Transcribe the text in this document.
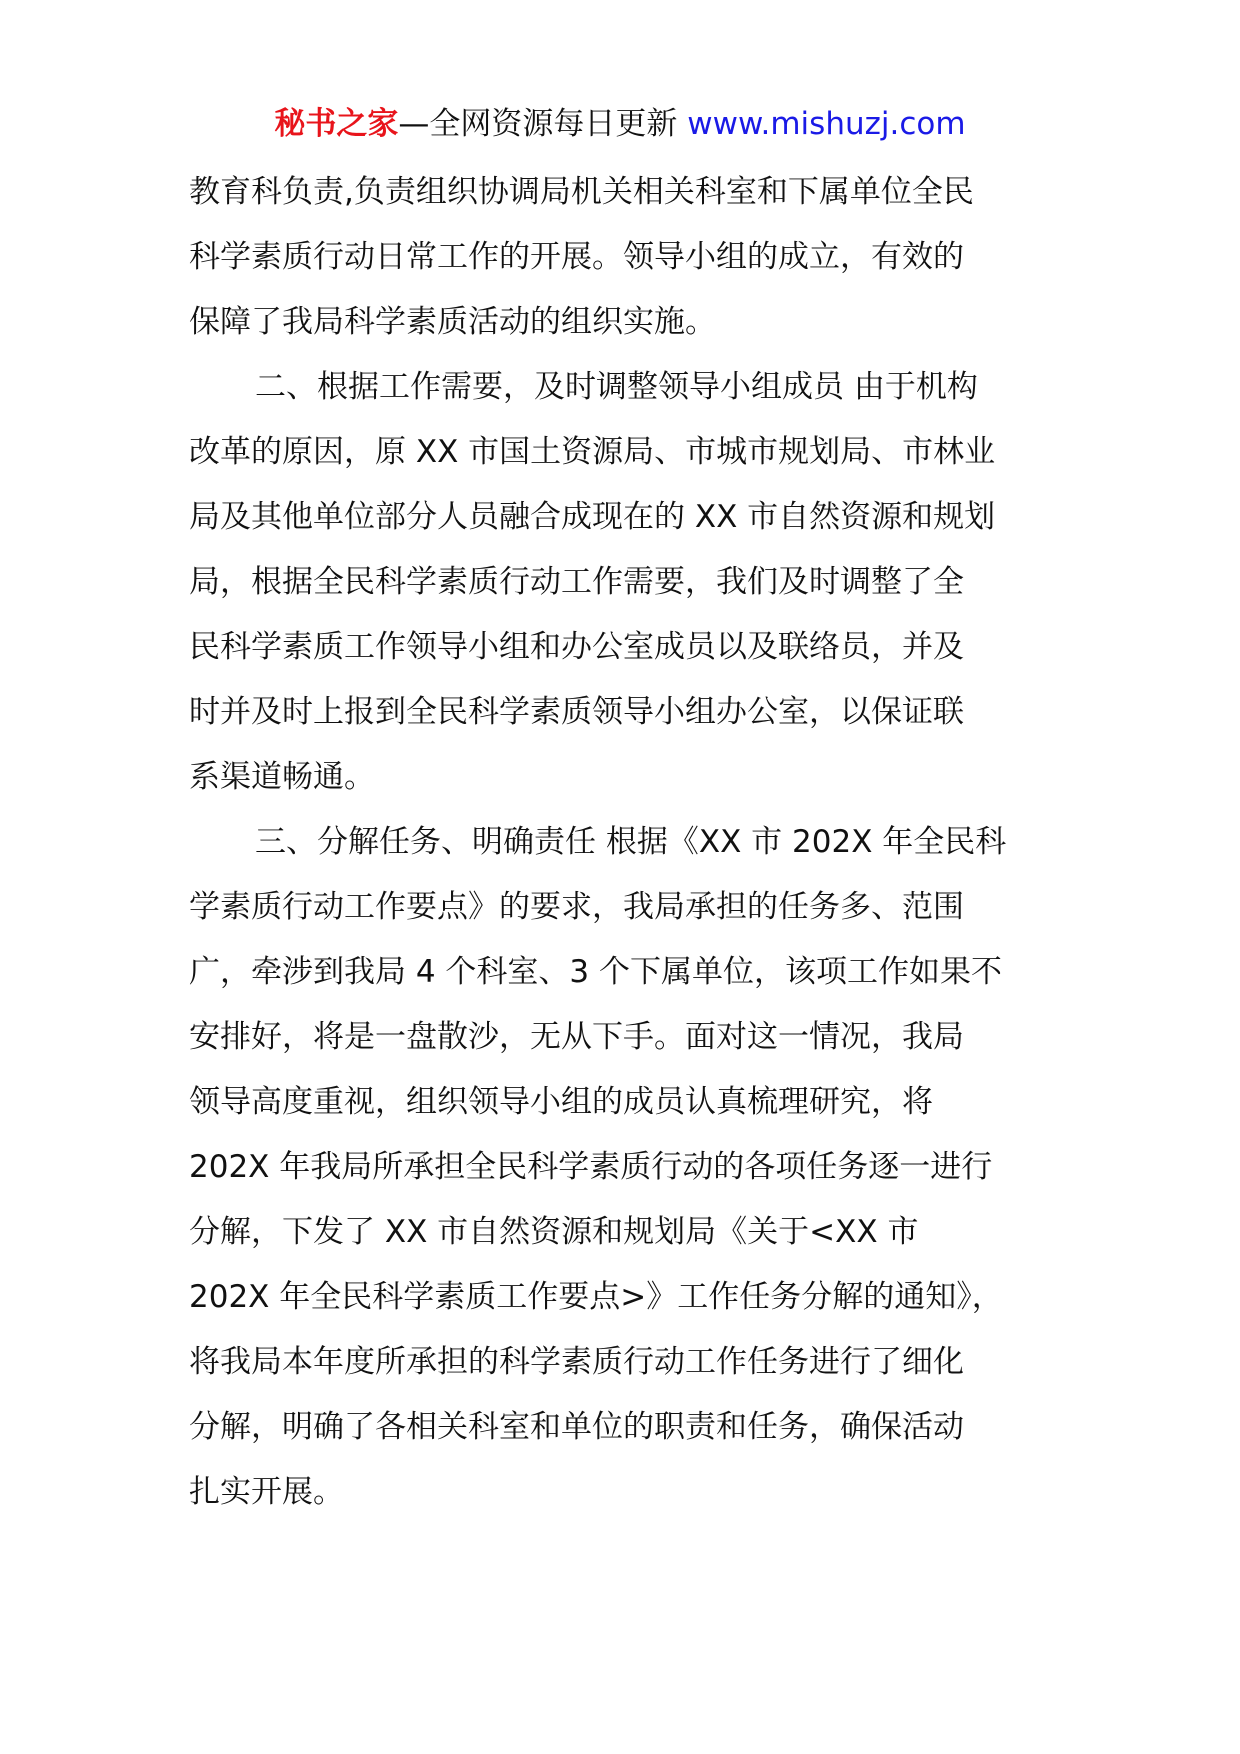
秘书之家—全网资源每日更新 www.mishuzj.com
教育科负责,负责组织协调局机关相关科室和下属单位全民
科学素质行动日常工作的开展。领导小组的成立，有效的
保障了我局科学素质活动的组织实施。
二、根据工作需要，及时调整领导小组成员 由于机构
改革的原因，原 XX 市国土资源局、市城市规划局、市林业
局及其他单位部分人员融合成现在的 XX 市自然资源和规划
局，根据全民科学素质行动工作需要，我们及时调整了全
民科学素质工作领导小组和办公室成员以及联络员，并及
时并及时上报到全民科学素质领导小组办公室，以保证联
系渠道畅通。
三、分解任务、明确责任 根据《XX 市 202X 年全民科
学素质行动工作要点》的要求，我局承担的任务多、范围
广，牵涉到我局 4 个科室、3 个下属单位，该项工作如果不
安排好，将是一盘散沙，无从下手。面对这一情况，我局
领导高度重视，组织领导小组的成员认真梳理研究，将
202X 年我局所承担全民科学素质行动的各项任务逐一进行
分解，下发了 XX 市自然资源和规划局《关于<XX 市
202X 年全民科学素质工作要点>》工作任务分解的通知》，
将我局本年度所承担的科学素质行动工作任务进行了细化
分解，明确了各相关科室和单位的职责和任务，确保活动
扎实开展。
